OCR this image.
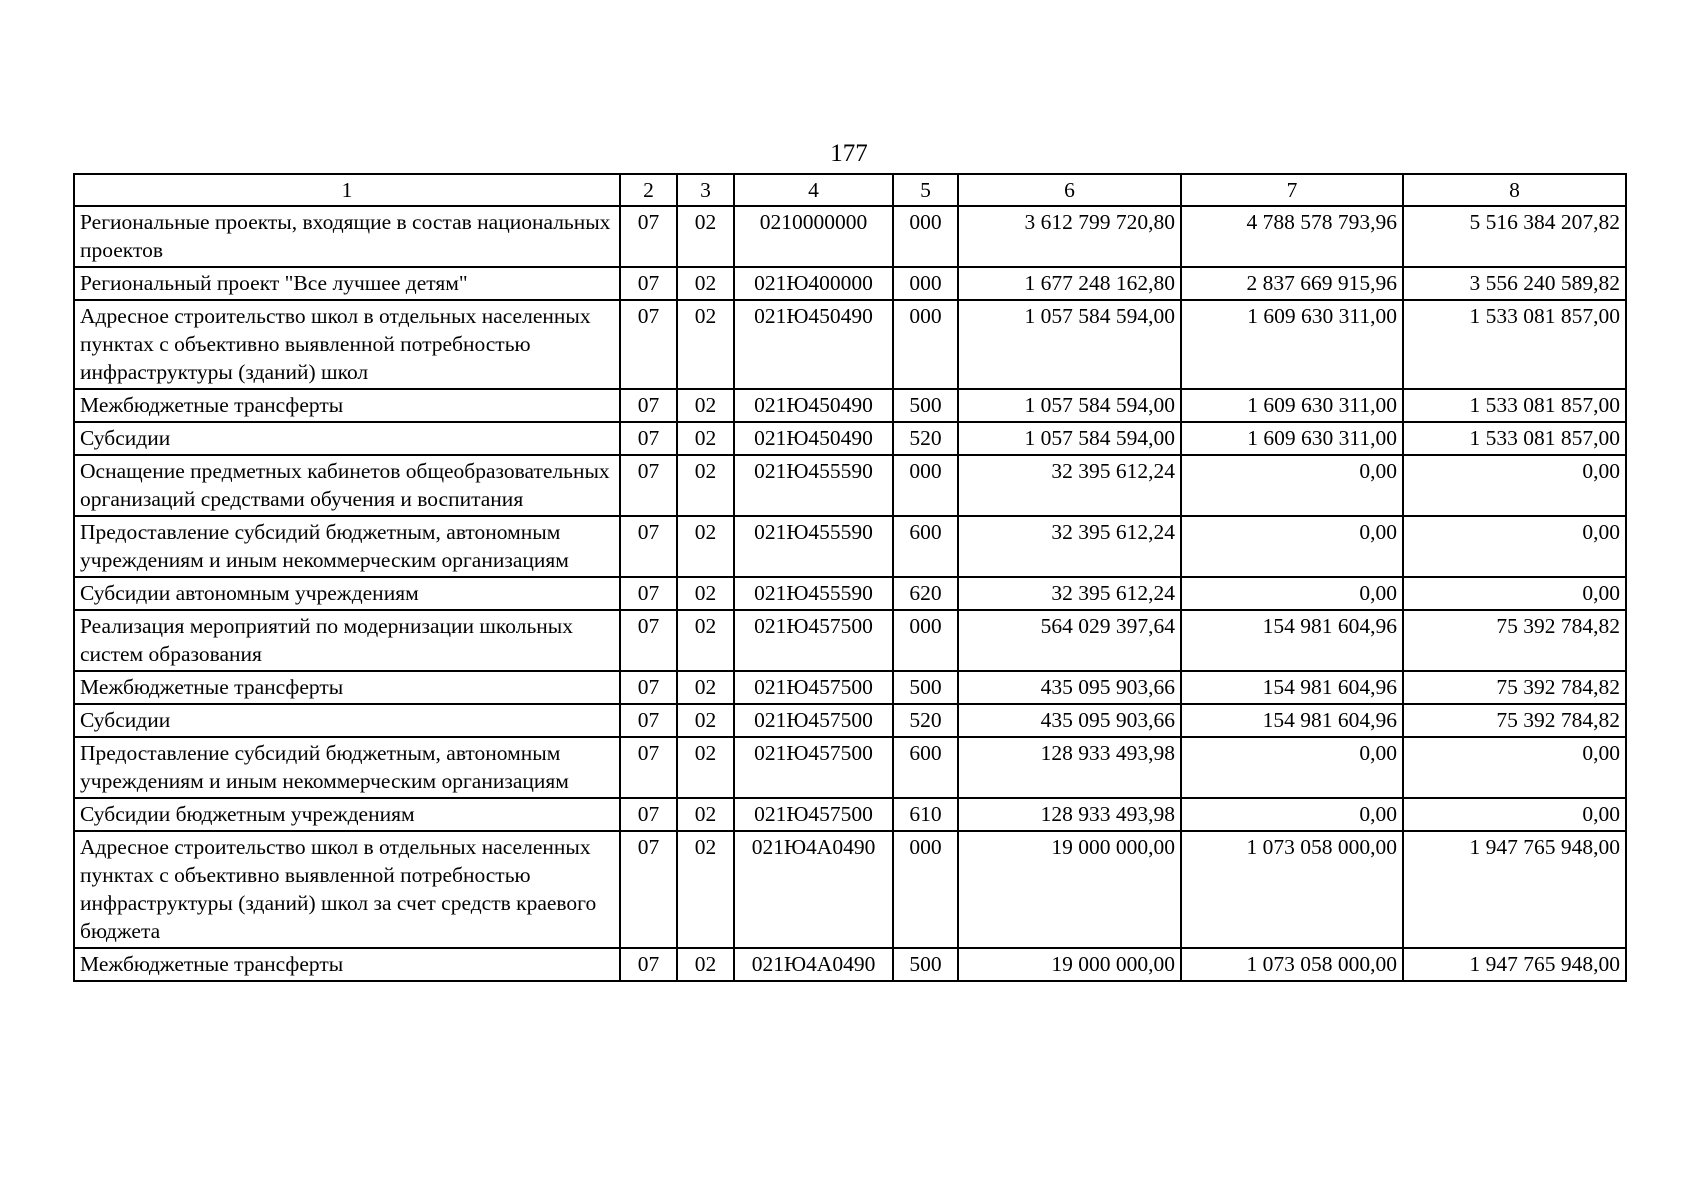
177
1	2	3	4	5	6	7	8
Региональные проекты, входящие в состав национальных проектов	07	02	0210000000	000	3 612 799 720,80	4 788 578 793,96	5 516 384 207,82
Региональный проект "Все лучшее детям"	07	02	021Ю400000	000	1 677 248 162,80	2 837 669 915,96	3 556 240 589,82
Адресное строительство школ в отдельных населенных пунктах с объективно выявленной потребностью инфраструктуры (зданий) школ	07	02	021Ю450490	000	1 057 584 594,00	1 609 630 311,00	1 533 081 857,00
Межбюджетные трансферты	07	02	021Ю450490	500	1 057 584 594,00	1 609 630 311,00	1 533 081 857,00
Субсидии	07	02	021Ю450490	520	1 057 584 594,00	1 609 630 311,00	1 533 081 857,00
Оснащение предметных кабинетов общеобразовательных организаций средствами обучения и воспитания	07	02	021Ю455590	000	32 395 612,24	0,00	0,00
Предоставление субсидий бюджетным, автономным учреждениям и иным некоммерческим организациям	07	02	021Ю455590	600	32 395 612,24	0,00	0,00
Субсидии автономным учреждениям	07	02	021Ю455590	620	32 395 612,24	0,00	0,00
Реализация мероприятий по модернизации школьных систем образования	07	02	021Ю457500	000	564 029 397,64	154 981 604,96	75 392 784,82
Межбюджетные трансферты	07	02	021Ю457500	500	435 095 903,66	154 981 604,96	75 392 784,82
Субсидии	07	02	021Ю457500	520	435 095 903,66	154 981 604,96	75 392 784,82
Предоставление субсидий бюджетным, автономным учреждениям и иным некоммерческим организациям	07	02	021Ю457500	600	128 933 493,98	0,00	0,00
Субсидии бюджетным учреждениям	07	02	021Ю457500	610	128 933 493,98	0,00	0,00
Адресное строительство школ в отдельных населенных пунктах с объективно выявленной потребностью инфраструктуры (зданий) школ за счет средств краевого бюджета	07	02	021Ю4А0490	000	19 000 000,00	1 073 058 000,00	1 947 765 948,00
Межбюджетные трансферты	07	02	021Ю4А0490	500	19 000 000,00	1 073 058 000,00	1 947 765 948,00
